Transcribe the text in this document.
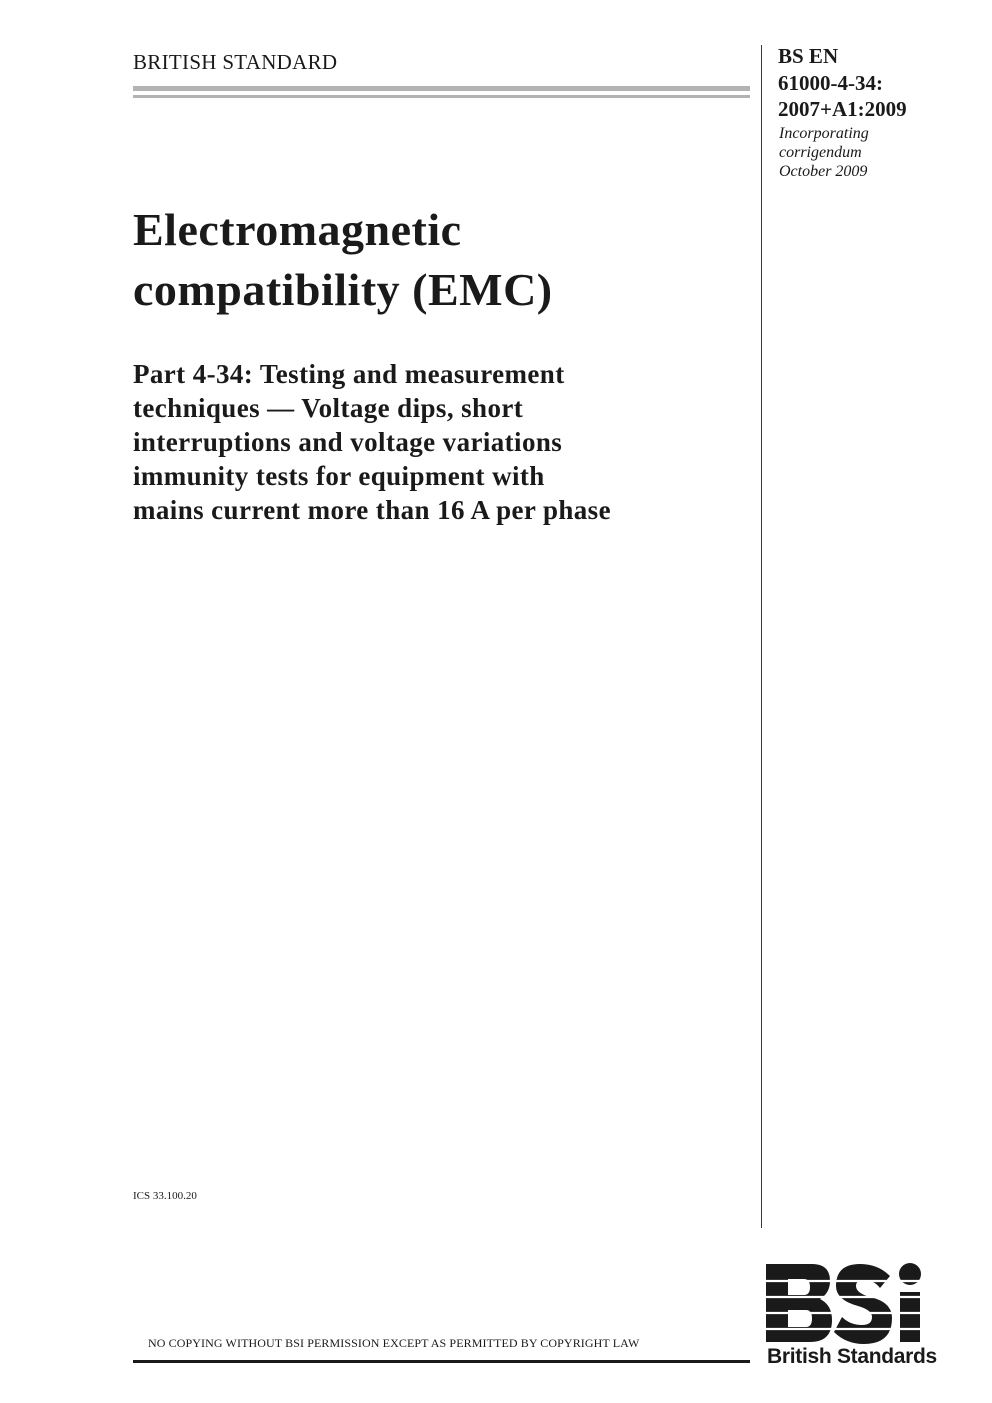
BRITISH STANDARD	BS EN
61000-4-34:
2007+A1:2009
Incorporating
corrigendum
October 2009
Electromagnetic
compatibility (EMC)
Part 4-34: Testing and measurement
techniques — Voltage dips, short
interruptions and voltage variations
immunity tests for equipment with
mains current more than 16 A per phase
ICS 33.100.20
British Standards
NO COPYING WITHOUT BSI PERMISSION EXCEPT AS PERMITTED BY COPYRIGHT LAW
